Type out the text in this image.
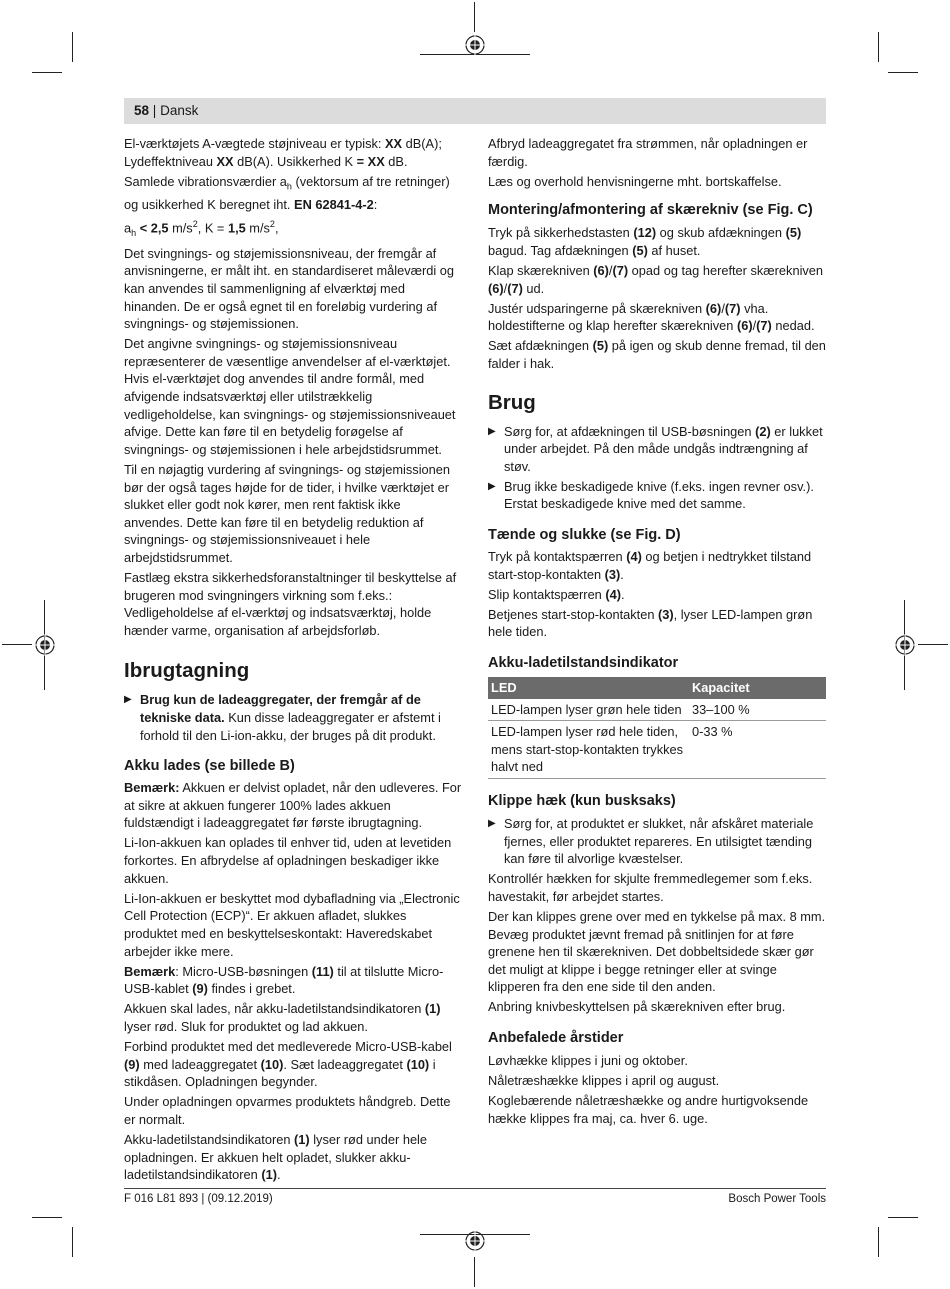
58 | Dansk

El-værktøjets A-vægtede støjniveau er typisk: XX dB(A); Lydeffektniveau XX dB(A). Usikkerhed K = XX dB.

Samlede vibrationsværdier $a_h$ (vektorsum af tre retninger) og usikkerhed K beregnet iht. EN 62841-4-2:

$a_h < 2,5$ $m/s^2$, K = 1,5 $m/s^2$,

Det svingnings- og støjemissionsniveau, der fremgår af anvisningerne, er målt iht. en standardiseret måleværdi og kan anvendes til sammenligning af elværktøj med hinanden. De er også egnet til en foreløbig vurdering af svingnings- og støjemissionen.

Det angivne svingnings- og støjemissionsniveau repræsenterer de væsentlige anvendelser af el-værktøjet. Hvis el-værktøjet dog anvendes til andre formål, med afvigende indsatsværktøj eller utilstrækkelig vedligeholdelse, kan svingnings- og støjemissionsniveauet afvige. Dette kan føre til en betydelig forøgelse af svingnings- og støjemissionen i hele arbejdstidsrummet.

Til en nøjagtig vurdering af svingnings- og støjemissionen bør der også tages højde for de tider, i hvilke værktøjet er slukket eller godt nok kører, men rent faktisk ikke anvendes. Dette kan føre til en betydelig reduktion af svingnings- og støjemissionsniveauet i hele arbejdstidsrummet.

Fastlæg ekstra sikkerhedsforanstaltninger til beskyttelse af brugeren mod svingningers virkning som f.eks.: Vedligeholdelse af el-værktøj og indsatsværktøj, holde hænder varme, organisation af arbejdsforløb.

Ibrugtagning
▶ Brug kun de ladeaggregater, der fremgår af de tekniske data. Kun disse ladeaggregater er afstemt i forhold til den Li-ion-akku, der bruges på dit produkt.
Akku lades (se billede B)

Bemærk: Akkuen er delvist opladet, når den udleveres. For at sikre at akkuen fungerer 100% lades akkuen fuldstændigt i ladeaggregatet før første ibrugtagning.

Li-Ion-akkuen kan oplades til enhver tid, uden at levetiden forkortes. En afbrydelse af opladningen beskadiger ikke akkuen.

Li-Ion-akkuen er beskyttet mod dybafladning via „Electronic Cell Protection (ECP)“. Er akkuen afladet, slukkes produktet med en beskyttelseskontakt: Haveredskabet arbejder ikke mere.

Bemærk: Micro-USB-bøsningen (11) til at tilslutte Micro-USB-kablet (9) findes i grebet.

Akkuen skal lades, når akku-ladetilstandsindikatoren (1) lyser rød. Sluk for produktet og lad akkuen.

Forbind produktet med det medleverede Micro-USB-kabel (9) med ladeaggregatet (10). Sæt ladeaggregatet (10) i stikdåsen. Opladningen begynder.

Under opladningen opvarmes produktets håndgreb. Dette er normalt.

Akku-ladetilstandsindikatoren (1) lyser rød under hele opladningen. Er akkuen helt opladet, slukker akku-ladetilstandsindikatoren (1).

Afbryd ladeaggregatet fra strømmen, når opladningen er færdig.

Læs og overhold henvisningerne mht. bortskaffelse.

Montering/afmontering af skærekniv (se Fig. C)

Tryk på sikkerhedstasten (12) og skub afdækningen (5) bagud. Tag afdækningen (5) af huset.

Klap skærekniven (6)/(7) opad og tag herefter skærekniven (6)/(7) ud.

Justér udsparingerne på skærekniven (6)/(7) vha. holdestifterne og klap herefter skærekniven (6)/(7) nedad.

Sæt afdækningen (5) på igen og skub denne fremad, til den falder i hak.

Brug
▶ Sørg for, at afdækningen til USB-bøsningen (2) er lukket under arbejdet. På den måde undgås indtrængning af støv.
▶ Brug ikke beskadigede knive (f.eks. ingen revner osv.). Erstat beskadigede knive med det samme.
Tænde og slukke (se Fig. D)

Tryk på kontaktspærren (4) og betjen i nedtrykket tilstand start-stop-kontakten (3).

Slip kontaktspærren (4).

Betjenes start-stop-kontakten (3), lyser LED-lampen grøn hele tiden.

Akku-ladetilstandsindikator
LED	Kapacitet
LED-lampen lyser grøn hele tiden	33–100 %
LED-lampen lyser rød hele tiden, mens start-stop-kontakten trykkes halvt ned	0-33 %
Klippe hæk (kun busksaks)
▶ Sørg for, at produktet er slukket, når afskåret materiale fjernes, eller produktet repareres. En utilsigtet tænding kan føre til alvorlige kvæstelser.

Kontrollér hækken for skjulte fremmedlegemer som f.eks. havestakit, før arbejdet startes.

Der kan klippes grene over med en tykkelse på max. 8 mm. Bevæg produktet jævnt fremad på snitlinjen for at føre grenene hen til skærekniven. Det dobbeltsidede skær gør det muligt at klippe i begge retninger eller at svinge klipperen fra den ene side til den anden.

Anbring knivbeskyttelsen på skærekniven efter brug.

Anbefalede årstider

Løvhække klippes i juni og oktober.

Nåletræshække klippes i april og august.

Koglebærende nåletræshække og andre hurtigvoksende hække klippes fra maj, ca. hver 6. uge.

F 016 L81 893 | (09.12.2019)	Bosch Power Tools
